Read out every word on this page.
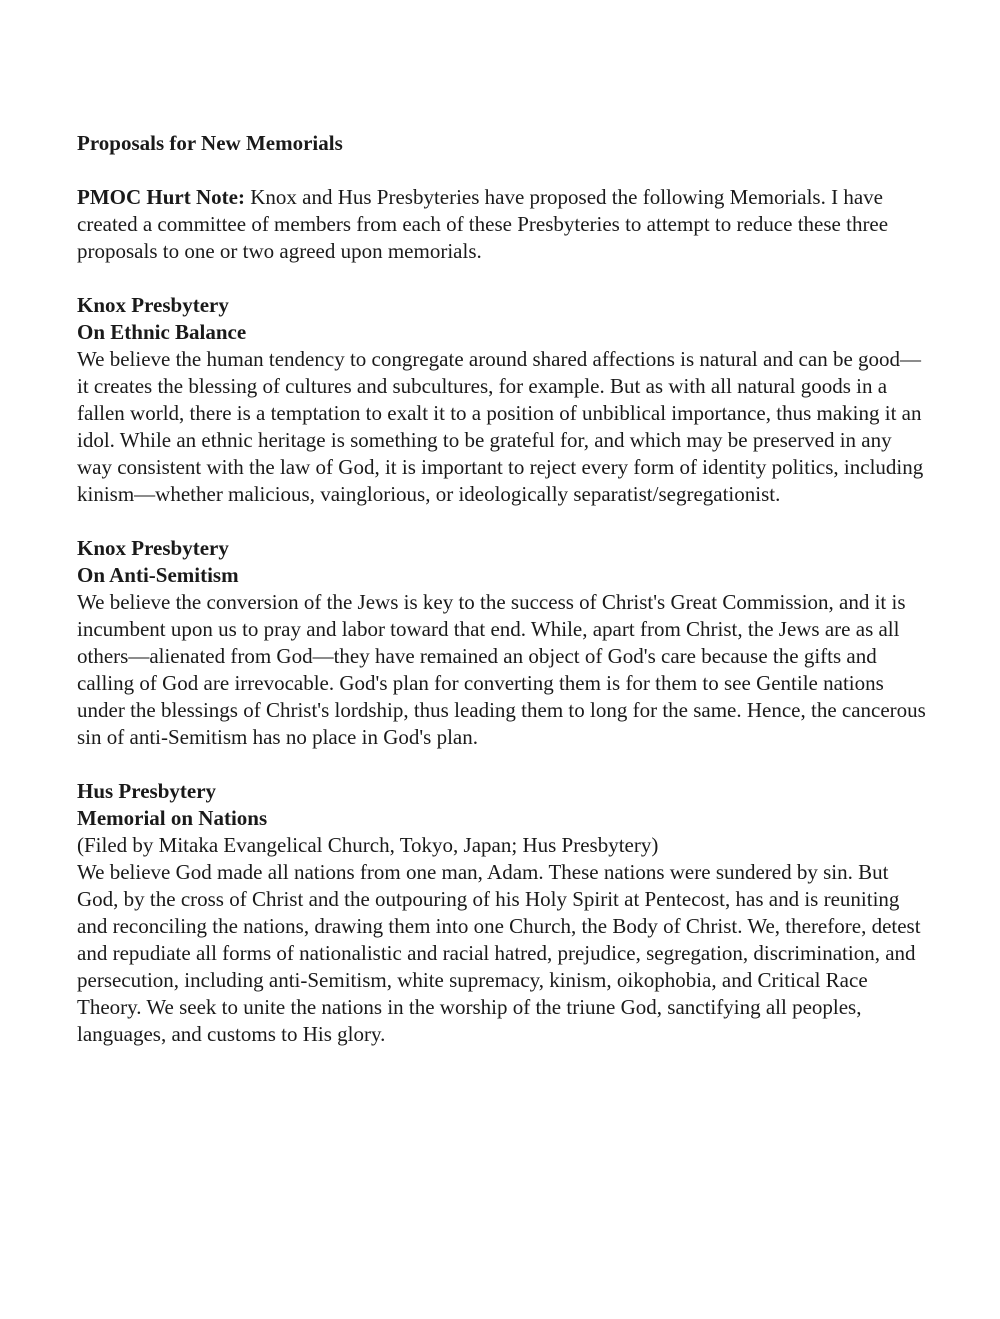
Proposals for New Memorials

PMOC Hurt Note: Knox and Hus Presbyteries have proposed the following Memorials. I have created a committee of members from each of these Presbyteries to attempt to reduce these three proposals to one or two agreed upon memorials.

Knox Presbytery

On Ethnic Balance

We believe the human tendency to congregate around shared affections is natural and can be good—it creates the blessing of cultures and subcultures, for example. But as with all natural goods in a fallen world, there is a temptation to exalt it to a position of unbiblical importance, thus making it an idol. While an ethnic heritage is something to be grateful for, and which may be preserved in any way consistent with the law of God, it is important to reject every form of identity politics, including kinism—whether malicious, vainglorious, or ideologically separatist/segregationist.

Knox Presbytery

On Anti-Semitism

We believe the conversion of the Jews is key to the success of Christ's Great Commission, and it is incumbent upon us to pray and labor toward that end. While, apart from Christ, the Jews are as all others—alienated from God—they have remained an object of God's care because the gifts and calling of God are irrevocable. God's plan for converting them is for them to see Gentile nations under the blessings of Christ's lordship, thus leading them to long for the same. Hence, the cancerous sin of anti-Semitism has no place in God's plan.

Hus Presbytery

Memorial on Nations

(Filed by Mitaka Evangelical Church, Tokyo, Japan; Hus Presbytery)

We believe God made all nations from one man, Adam. These nations were sundered by sin. But God, by the cross of Christ and the outpouring of his Holy Spirit at Pentecost, has and is reuniting and reconciling the nations, drawing them into one Church, the Body of Christ. We, therefore, detest and repudiate all forms of nationalistic and racial hatred, prejudice, segregation, discrimination, and persecution, including anti-Semitism, white supremacy, kinism, oikophobia, and Critical Race Theory. We seek to unite the nations in the worship of the triune God, sanctifying all peoples, languages, and customs to His glory.
